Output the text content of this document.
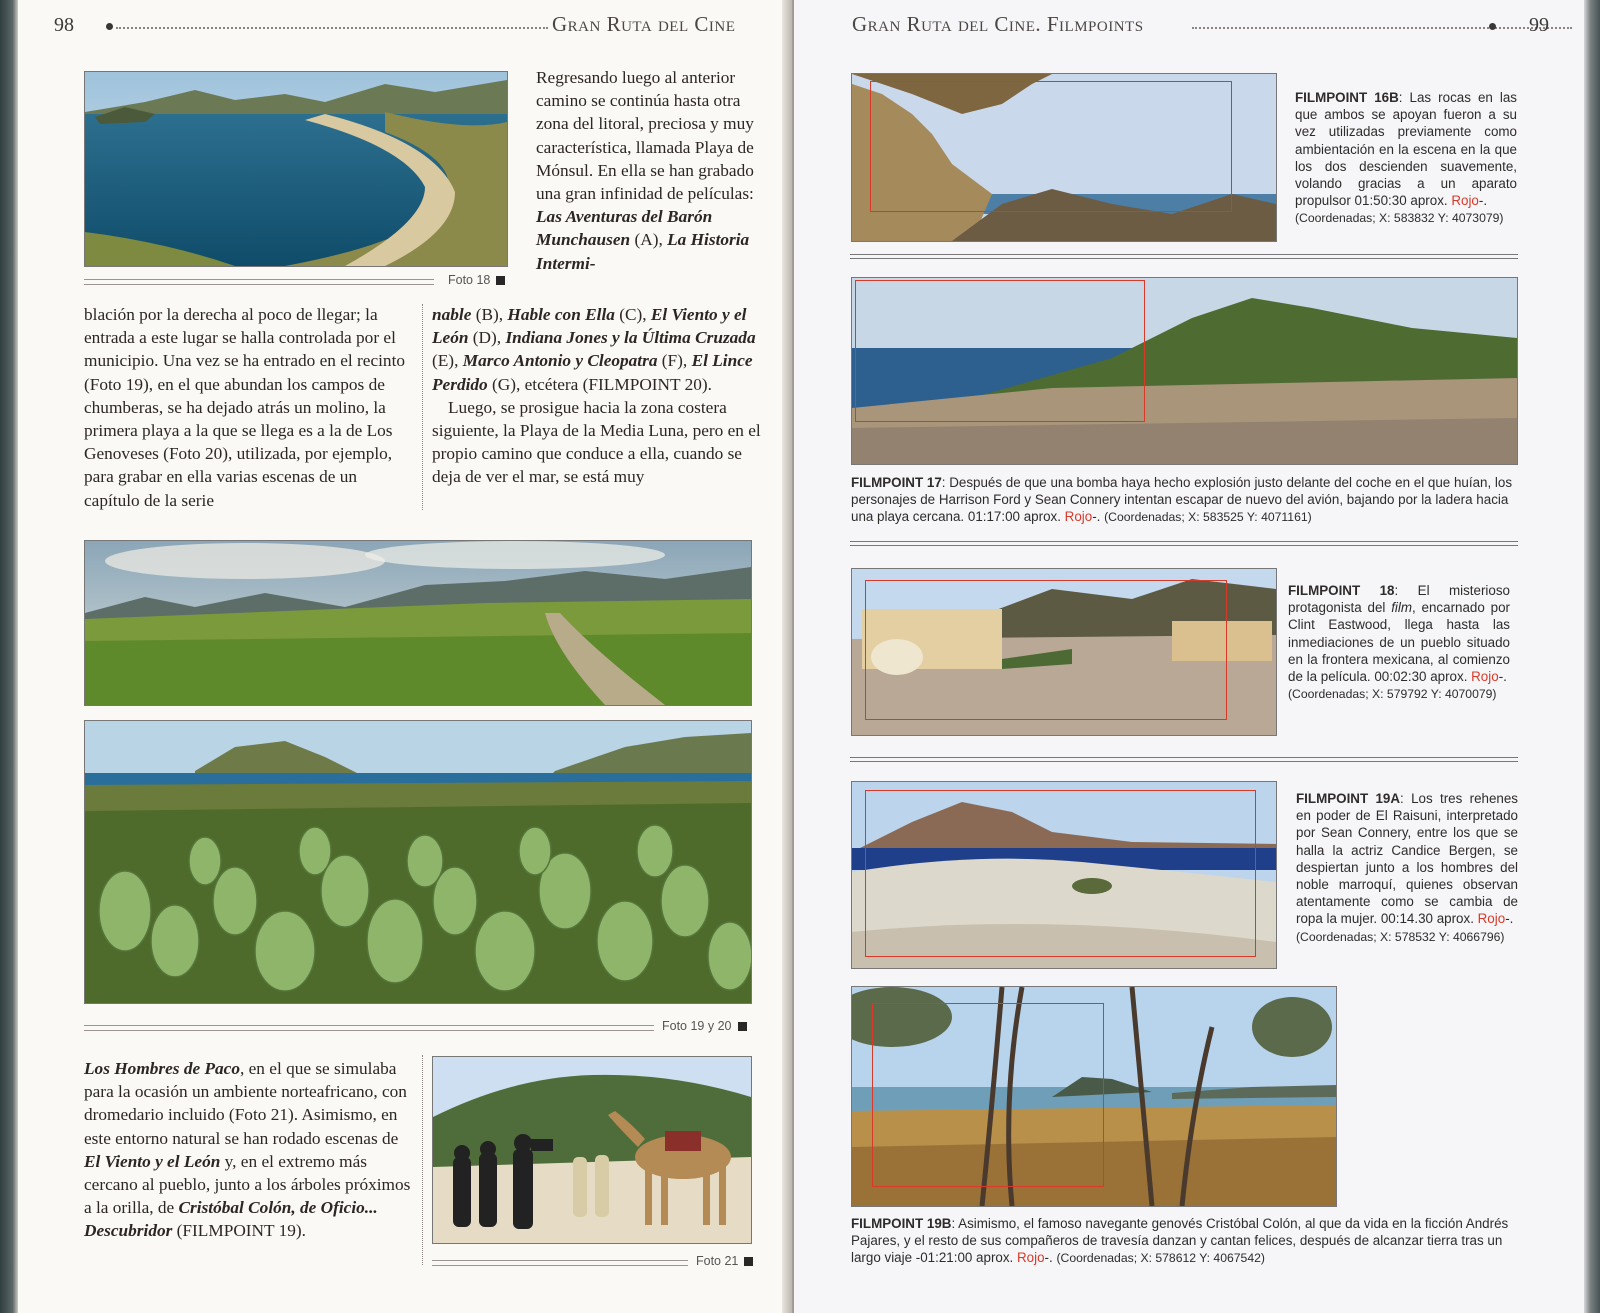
98	Gran Ruta del Cine
Foto 18
Regresando luego al anterior camino se continúa hasta otra zona del litoral, preciosa y muy característica, llamada Playa de Mónsul. En ella se han grabado una gran infinidad de películas: Las Aventuras del Barón Munchausen (A), La Historia Intermi-
blación por la derecha al poco de llegar; la entrada a este lugar se halla controlada por el municipio. Una vez se ha entrado en el recinto (Foto 19), en el que abundan los campos de chumberas, se ha dejado atrás un molino, la primera playa a la que se llega es a la de Los Genoveses (Foto 20), utilizada, por ejemplo, para grabar en ella varias escenas de un capítulo de la serie

nable (B), Hable con Ella (C), El Viento y el León (D), Indiana Jones y la Última Cruzada (E), Marco Antonio y Cleopatra (F), El Lince Perdido (G), etcétera (FILMPOINT 20).

Luego, se prosigue hacia la zona costera siguiente, la Playa de la Media Luna, pero en el propio camino que conduce a ella, cuando se deja de ver el mar, se está muy

Foto 19 y 20
Los Hombres de Paco, en el que se simulaba para la ocasión un ambiente norteafricano, con dromedario incluido (Foto 21). Asimismo, en este entorno natural se han rodado escenas de El Viento y el León y, en el extremo más cercano al pueblo, junto a los árboles próximos a la orilla, de Cristóbal Colón, de Oficio... Descubridor (FILMPOINT 19).
Foto 21
Gran Ruta del Cine. Filmpoints	99
FILMPOINT 16B: Las rocas en las que ambos se apoyan fueron a su vez utilizadas previamente como ambientación en la escena en la que los dos descienden suavemente, volando gracias a un aparato propulsor 01:50:30 aprox. Rojo-.
(Coordenadas; X: 583832 Y: 4073079)
FILMPOINT 17: Después de que una bomba haya hecho explosión justo delante del coche en el que huían, los personajes de Harrison Ford y Sean Connery intentan escapar de nuevo del avión, bajando por la ladera hacia una playa cercana. 01:17:00 aprox. Rojo-. (Coordenadas; X: 583525 Y: 4071161)
FILMPOINT 18: El misterioso protagonista del film, encarnado por Clint Eastwood, llega hasta las inmediaciones de un pueblo situado en la frontera mexicana, al comienzo de la película. 00:02:30 aprox. Rojo-.
(Coordenadas; X: 579792 Y: 4070079)
FILMPOINT 19A: Los tres rehenes en poder de El Raisuni, interpretado por Sean Connery, entre los que se halla la actriz Candice Bergen, se despiertan junto a los hombres del noble marroquí, quienes observan atentamente como se cambia de ropa la mujer. 00:14.30 aprox. Rojo-.
(Coordenadas; X: 578532 Y: 4066796)
FILMPOINT 19B: Asimismo, el famoso navegante genovés Cristóbal Colón, al que da vida en la ficción Andrés Pajares, y el resto de sus compañeros de travesía danzan y cantan felices, después de alcanzar tierra tras un largo viaje -01:21:00 aprox. Rojo-. (Coordenadas; X: 578612 Y: 4067542)
